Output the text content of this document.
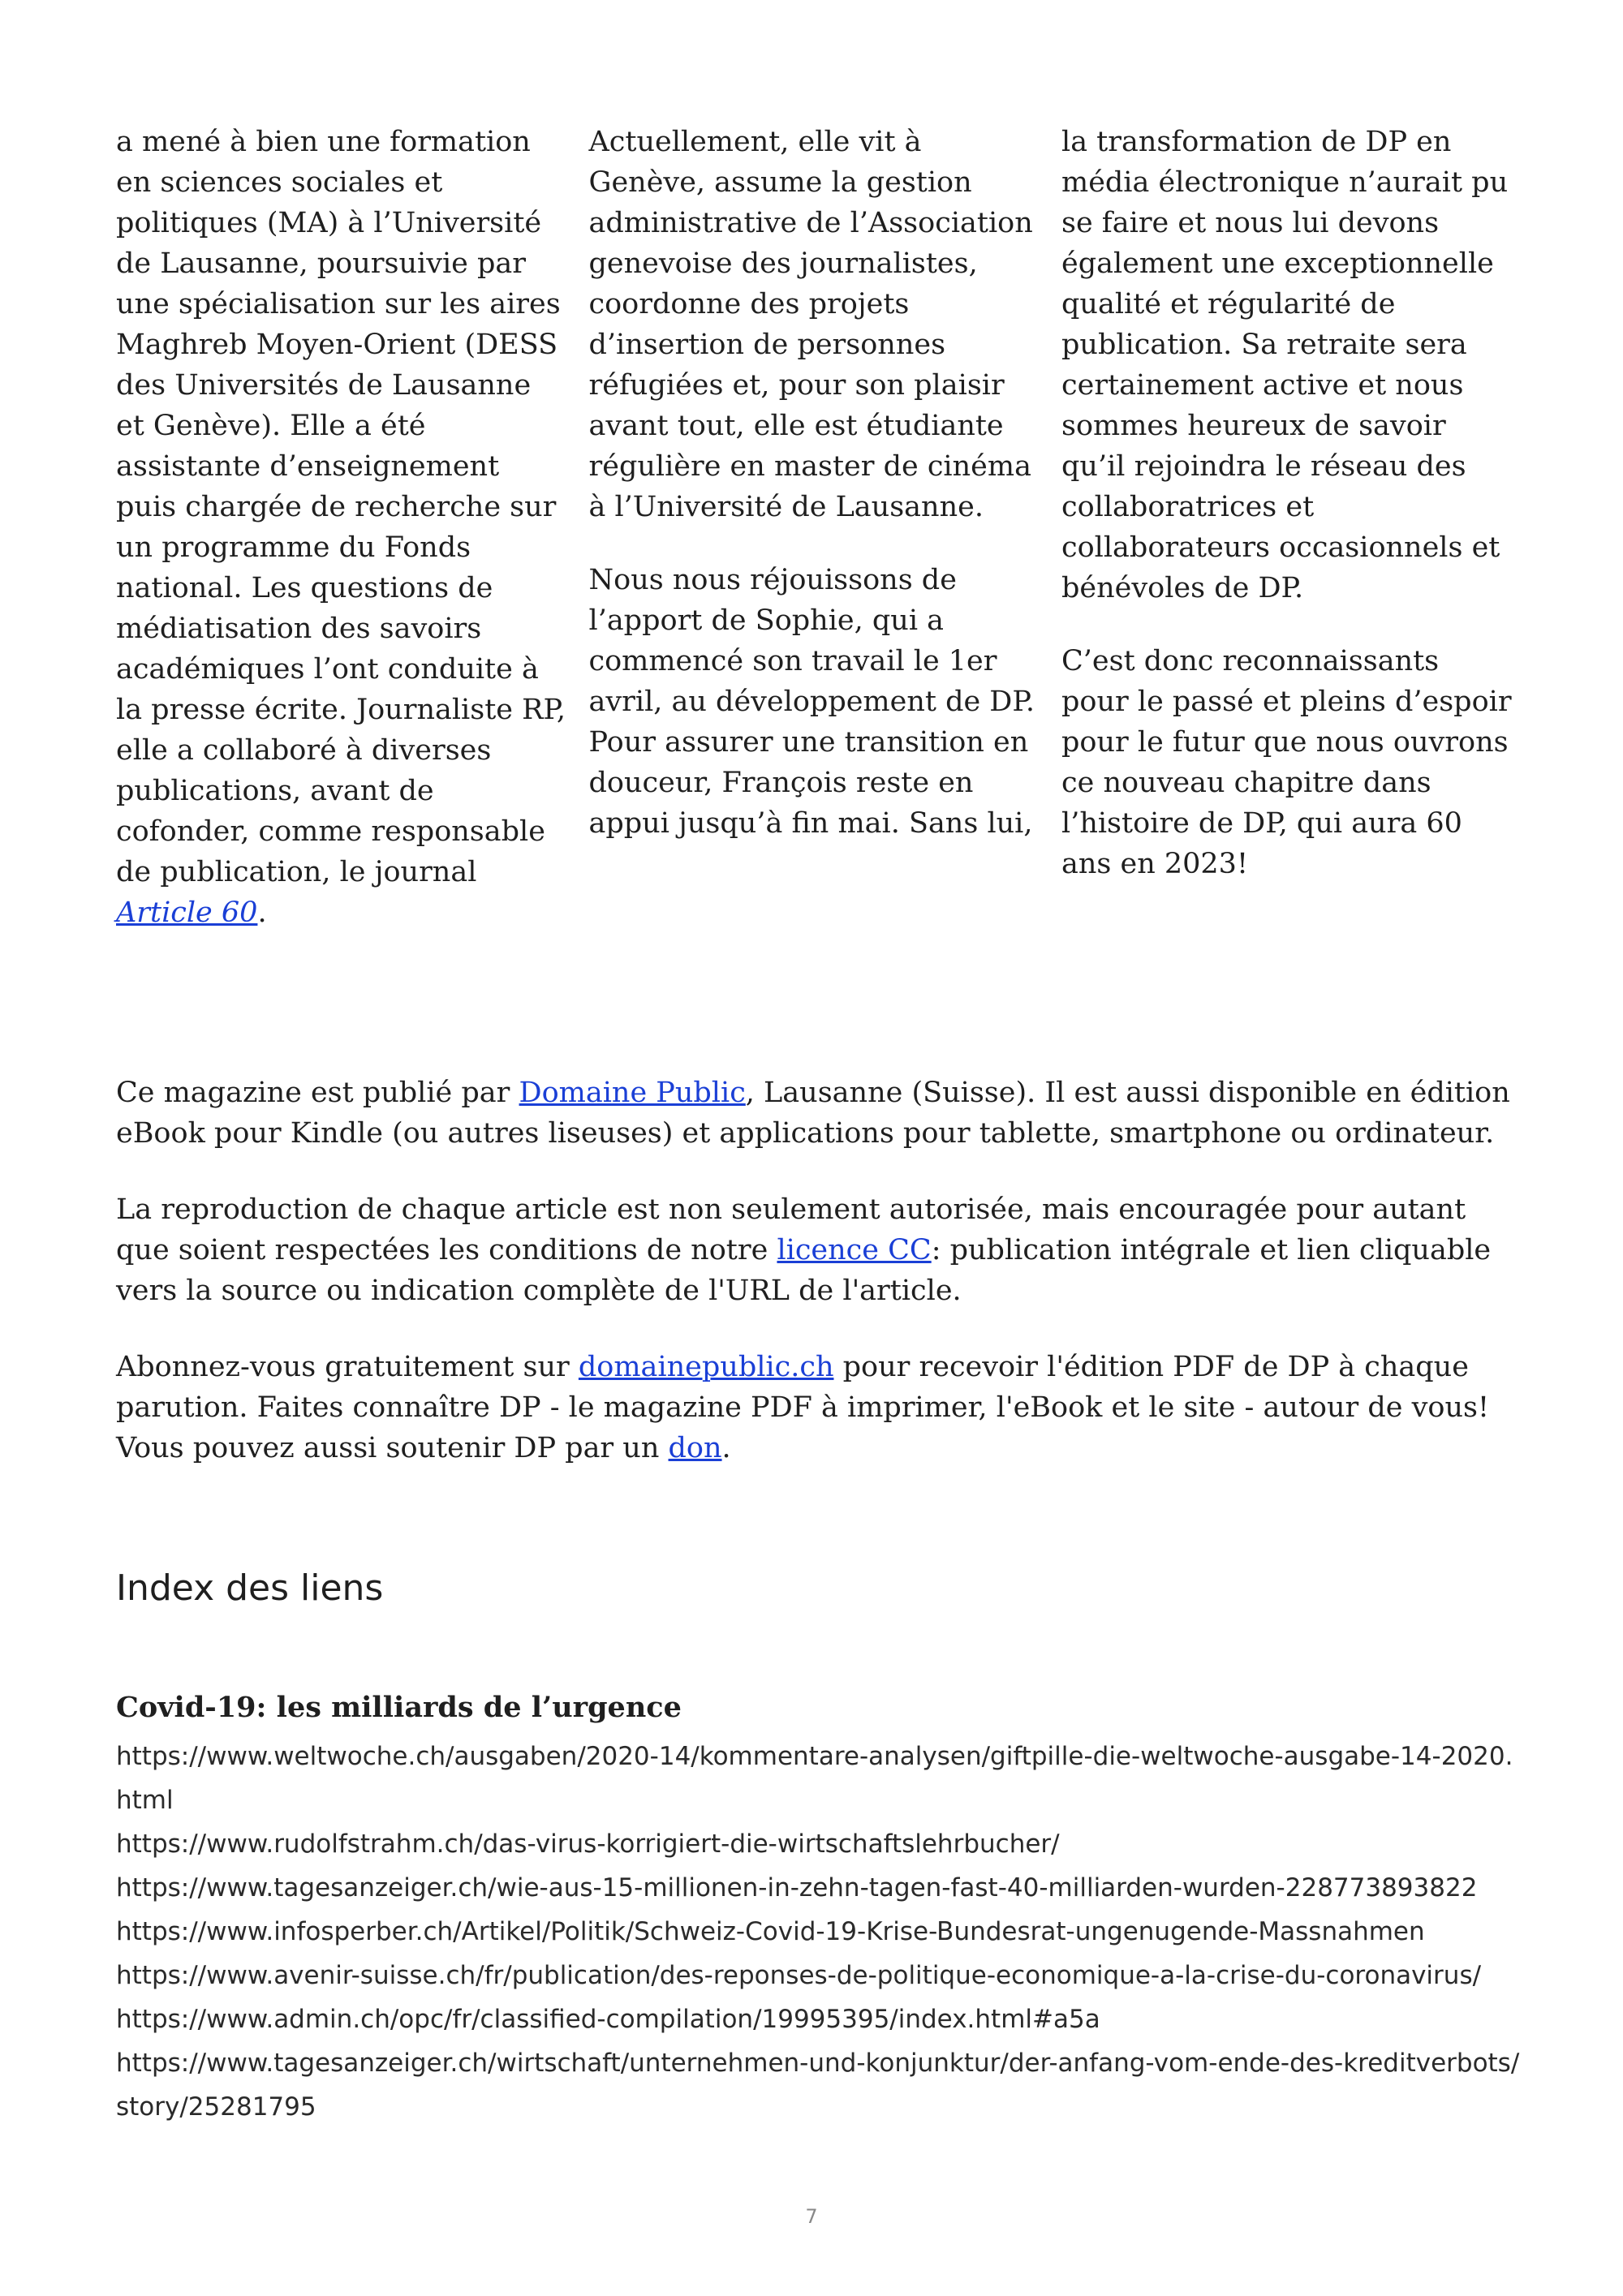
a mené à bien une formation en sciences sociales et politiques (MA) à l’Université de Lausanne, poursuivie par une spécialisation sur les aires Maghreb Moyen-Orient (DESS des Universités de Lausanne et Genève). Elle a été assistante d’enseignement puis chargée de recherche sur un programme du Fonds national. Les questions de médiatisation des savoirs académiques l’ont conduite à la presse écrite. Journaliste RP, elle a collaboré à diverses publications, avant de cofonder, comme responsable de publication, le journal Article 60.

Actuellement, elle vit à Genève, assume la gestion administrative de l’Association genevoise des journalistes, coordonne des projets d’insertion de personnes réfugiées et, pour son plaisir avant tout, elle est étudiante régulière en master de cinéma à l’Université de Lausanne.

Nous nous réjouissons de l’apport de Sophie, qui a commencé son travail le 1er avril, au développement de DP. Pour assurer une transition en douceur, François reste en appui jusqu’à fin mai. Sans lui,

la transformation de DP en média électronique n’aurait pu se faire et nous lui devons également une exceptionnelle qualité et régularité de publication. Sa retraite sera certainement active et nous sommes heureux de savoir qu’il rejoindra le réseau des collaboratrices et collaborateurs occasionnels et bénévoles de DP.

C’est donc reconnaissants pour le passé et pleins d’espoir pour le futur que nous ouvrons ce nouveau chapitre dans l’histoire de DP, qui aura 60 ans en 2023!

Ce magazine est publié par Domaine Public, Lausanne (Suisse). Il est aussi disponible en édition eBook pour Kindle (ou autres liseuses) et applications pour tablette, smartphone ou ordinateur.

La reproduction de chaque article est non seulement autorisée, mais encouragée pour autant que soient respectées les conditions de notre licence CC: publication intégrale et lien cliquable vers la source ou indication complète de l'URL de l'article.

Abonnez-vous gratuitement sur domainepublic.ch pour recevoir l'édition PDF de DP à chaque parution. Faites connaître DP - le magazine PDF à imprimer, l'eBook et le site - autour de vous! Vous pouvez aussi soutenir DP par un don.

Index des liens
Covid-19: les milliards de l’urgence
https://www.weltwoche.ch/ausgaben/2020-14/kommentare-analysen/giftpille-die-weltwoche-ausgabe-14-2020.html
https://www.rudolfstrahm.ch/das-virus-korrigiert-die-wirtschaftslehrbucher/
https://www.tagesanzeiger.ch/wie-aus-15-millionen-in-zehn-tagen-fast-40-milliarden-wurden-228773893822
https://www.infosperber.ch/Artikel/Politik/Schweiz-Covid-19-Krise-Bundesrat-ungenugende-Massnahmen
https://www.avenir-suisse.ch/fr/publication/des-reponses-de-politique-economique-a-la-crise-du-coronavirus/
https://www.admin.ch/opc/fr/classified-compilation/19995395/index.html#a5a
https://www.tagesanzeiger.ch/wirtschaft/unternehmen-und-konjunktur/der-anfang-vom-ende-des-kreditverbots/story/25281795
7
